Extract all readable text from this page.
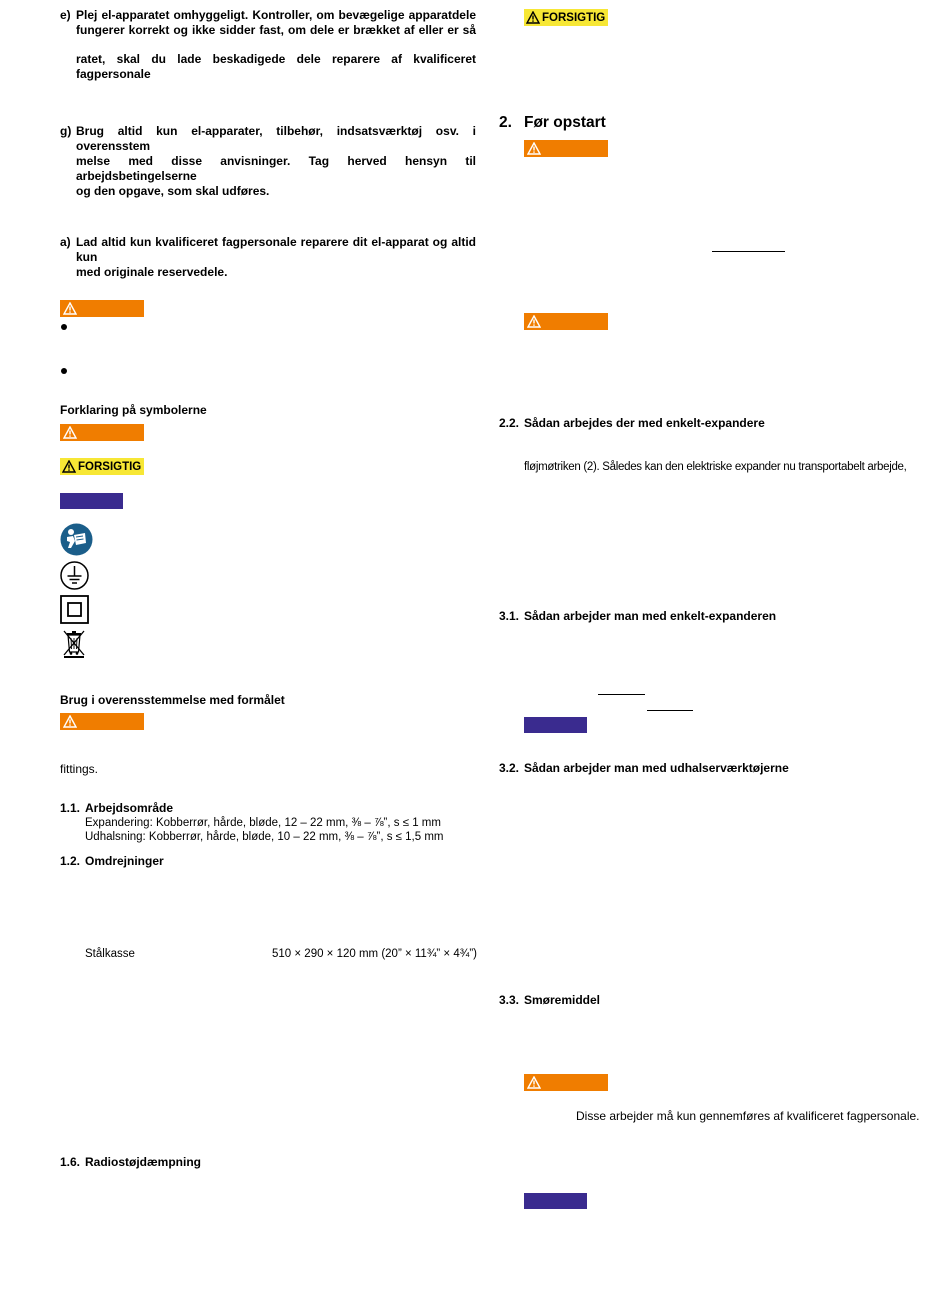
e) Plej el-apparatet omhyggeligt. Kontroller, om bevægelige apparatdele
fungerer korrekt og ikke sidder fast, om dele er brækket af eller er så
ratet, skal du lade beskadigede dele reparere af kvalificeret fagpersonale
g) Brug altid kun el-apparater, tilbehør, indsatsværktøj osv. i overensstem
melse med disse anvisninger. Tag herved hensyn til arbejdsbetingelserne
og den opgave, som skal udføres.
a) Lad altid kun kvalificeret fagpersonale reparere dit el-apparat og altid kun
med originale reservedele.
Forklaring på symbolerne
FORSIGTIG
Brug i overensstemmelse med formålet
fittings.
1.1. Arbejdsområde
Expandering: Kobberrør, hårde, bløde, 12 – 22 mm, ⅜ – ⅞”, s ≤ 1 mm
Udhalsning: Kobberrør, hårde, bløde, 10 – 22 mm, ⅜ – ⅞”, s ≤ 1,5 mm
1.2. Omdrejninger
Stålkasse	510 × 290 × 120 mm (20” × 11¾” × 4¾”)
1.6. Radiostøjdæmpning
FORSIGTIG
2. Før opstart
2.2. Sådan arbejdes der med enkelt-expandere
fløjmøtriken (2). Således kan den elektriske expander nu transportabelt arbejde,
3.1. Sådan arbejder man med enkelt-expanderen
3.2. Sådan arbejder man med udhalserværktøjerne
3.3. Smøremiddel
Disse arbejder må kun gennemføres af kvalificeret fagpersonale.
